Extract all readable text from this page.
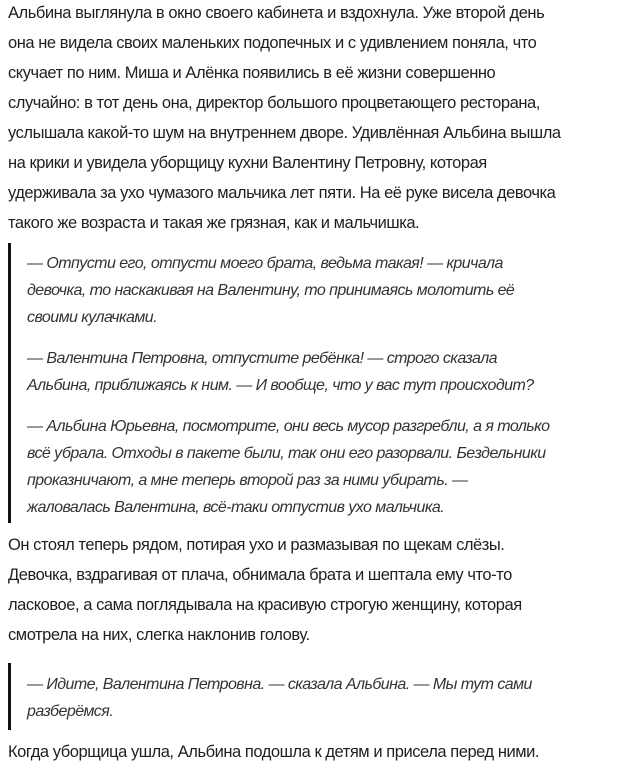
Альбина выглянула в окно своего кабинета и вздохнула. Уже второй день
она не видела своих маленьких подопечных и с удивлением поняла, что
скучает по ним. Миша и Алёнка появились в её жизни совершенно
случайно: в тот день она, директор большого процветающего ресторана,
услышала какой-то шум на внутреннем дворе. Удивлённая Альбина вышла
на крики и увидела уборщицу кухни Валентину Петровну, которая
удерживала за ухо чумазого мальчика лет пяти. На её руке висела девочка
такого же возраста и такая же грязная, как и мальчишка.
— Отпусти его, отпусти моего брата, ведьма такая! — кричала
девочка, то наскакивая на Валентину, то принимаясь молотить её
своими кулачками.
— Валентина Петровна, отпустите ребёнка! — строго сказала
Альбина, приближаясь к ним. — И вообще, что у вас тут происходит?
— Альбина Юрьевна, посмотрите, они весь мусор разгребли, а я только
всё убрала. Отходы в пакете были, так они его разорвали. Бездельники
проказничают, а мне теперь второй раз за ними убирать. —
жаловалась Валентина, всё-таки отпустив ухо мальчика.
Он стоял теперь рядом, потирая ухо и размазывая по щекам слёзы.
Девочка, вздрагивая от плача, обнимала брата и шептала ему что-то
ласковое, а сама поглядывала на красивую строгую женщину, которая
смотрела на них, слегка наклонив голову.
— Идите, Валентина Петровна. — сказала Альбина. — Мы тут сами
разберёмся.
Когда уборщица ушла, Альбина подошла к детям и присела перед ними.
